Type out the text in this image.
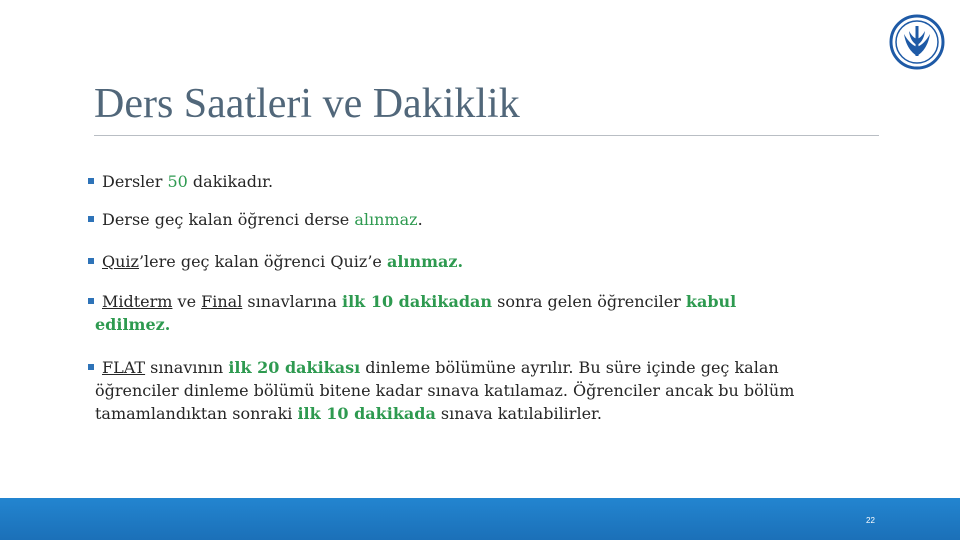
Ders Saatleri ve Dakiklik
Dersler 50 dakikadır.
Derse geç kalan öğrenci derse alınmaz.
Quiz’lere geç kalan öğrenci Quiz’e alınmaz.
Midterm ve Final sınavlarına ilk 10 dakikadan sonra gelen öğrenciler kabul
edilmez.
FLAT sınavının ilk 20 dakikası dinleme bölümüne ayrılır. Bu süre içinde geç kalan
öğrenciler dinleme bölümü bitene kadar sınava katılamaz. Öğrenciler ancak bu bölüm
tamamlandıktan sonraki ilk 10 dakikada sınava katılabilirler.
22
